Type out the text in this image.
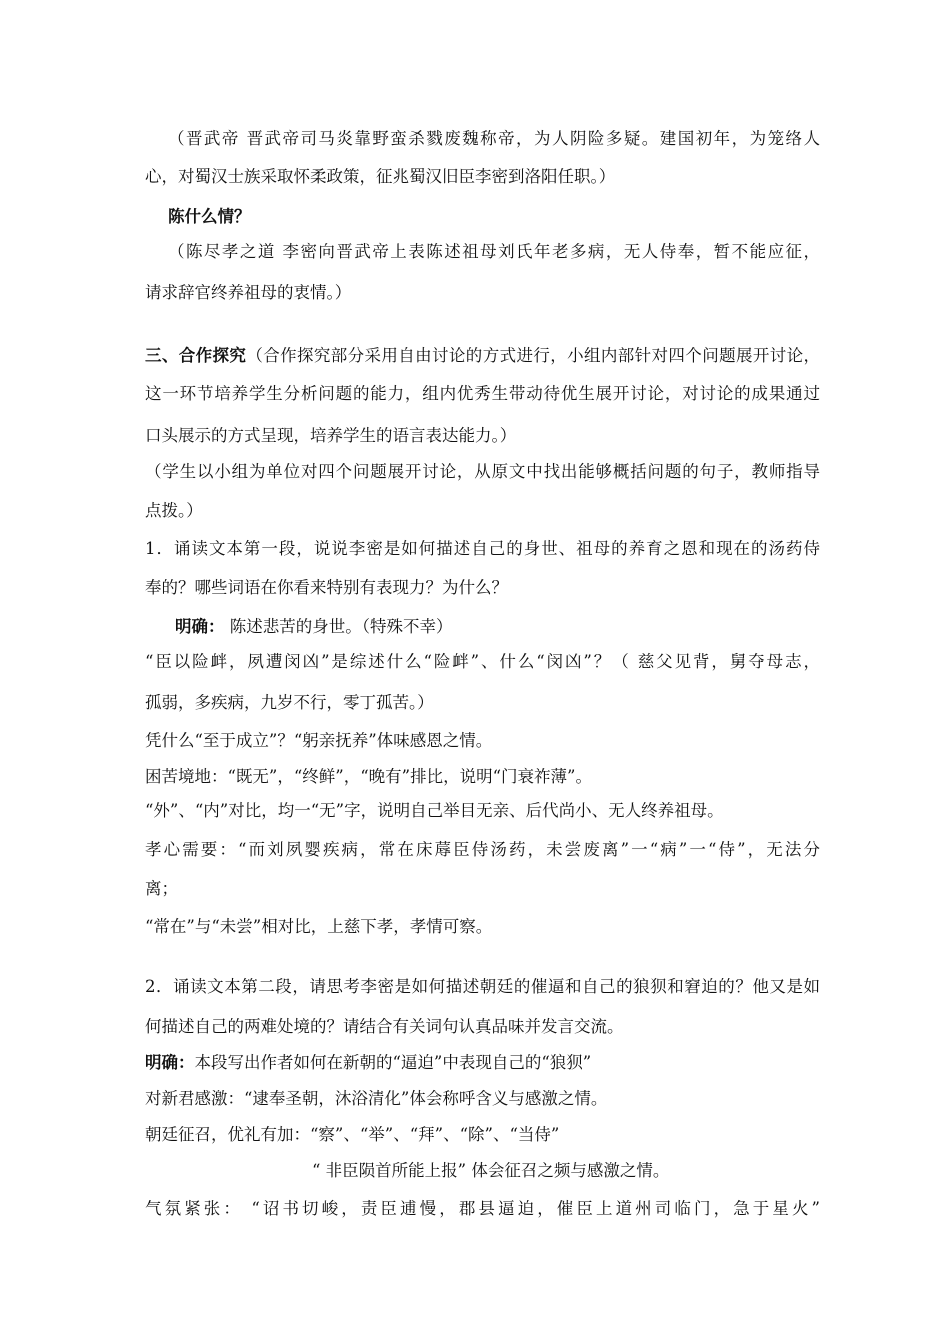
（晋武帝 晋武帝司马炎靠野蛮杀戮废魏称帝，为人阴险多疑。建国初年，为笼络人
心，对蜀汉士族采取怀柔政策，征兆蜀汉旧臣李密到洛阳任职。）
陈什么情？
（陈尽孝之道 李密向晋武帝上表陈述祖母刘氏年老多病，无人侍奉，暂不能应征，
请求辞官终养祖母的衷情。）
三、合作探究（合作探究部分采用自由讨论的方式进行，小组内部针对四个问题展开讨论，
这一环节培养学生分析问题的能力，组内优秀生带动待优生展开讨论，对讨论的成果通过
口头展示的方式呈现，培养学生的语言表达能力。）
（学生以小组为单位对四个问题展开讨论，从原文中找出能够概括问题的句子，教师指导
点拨。）
1．诵读文本第一段，说说李密是如何描述自己的身世、祖母的养育之恩和现在的汤药侍
奉的？哪些词语在你看来特别有表现力？为什么？
明确： 陈述悲苦的身世。（特殊不幸）
“臣以险衅，夙遭闵凶”是综述什么“险衅”、什么“闵凶”？（ 慈父见背，舅夺母志，
孤弱，多疾病，九岁不行，零丁孤苦。）
凭什么“至于成立”？“躬亲抚养”体味感恩之情。
困苦境地：“既无”，“终鲜”，“晚有”排比，说明“门衰祚薄”。
“外”、“内”对比，均一“无”字，说明自己举目无亲、后代尚小、无人终养祖母。
孝心需要：“而刘夙婴疾病，常在床蓐臣侍汤药，未尝废离”一“病”一“侍”，无法分
离；
“常在”与“未尝”相对比，上慈下孝，孝情可察。
2．诵读文本第二段，请思考李密是如何描述朝廷的催逼和自己的狼狈和窘迫的？他又是如
何描述自己的两难处境的？请结合有关词句认真品味并发言交流。
明确：本段写出作者如何在新朝的“逼迫”中表现自己的“狼狈”
对新君感激：“逮奉圣朝，沐浴清化”体会称呼含义与感激之情。
朝廷征召，优礼有加：“察”、“举”、“拜”、“除”、“当侍”
“ 非臣陨首所能上报” 体会征召之频与感激之情。
气氛紧张： “诏书切峻，责臣逋慢，郡县逼迫，催臣上道州司临门，急于星火”
